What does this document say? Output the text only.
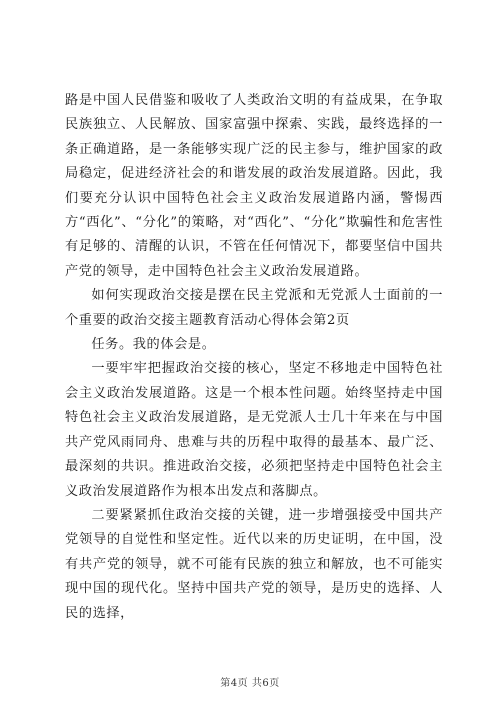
路是中国人民借鉴和吸收了人类政治文明的有益成果，在争取民族独立、人民解放、国家富强中探索、实践，最终选择的一条正确道路，是一条能够实现广泛的民主参与，维护国家的政局稳定，促进经济社会的和谐发展的政治发展道路。因此，我们要充分认识中国特色社会主义政治发展道路内涵，警惕西方“西化”、“分化”的策略，对“西化”、“分化”欺骗性和危害性有足够的、清醒的认识，不管在任何情况下，都要坚信中国共产党的领导，走中国特色社会主义政治发展道路。

如何实现政治交接是摆在民主党派和无党派人士面前的一个重要的政治交接主题教育活动心得体会第2页

任务。我的体会是。

一要牢牢把握政治交接的核心，坚定不移地走中国特色社会主义政治发展道路。这是一个根本性问题。始终坚持走中国特色社会主义政治发展道路，是无党派人士几十年来在与中国共产党风雨同舟、患难与共的历程中取得的最基本、最广泛、最深刻的共识。推进政治交接，必须把坚持走中国特色社会主义政治发展道路作为根本出发点和落脚点。

二要紧紧抓住政治交接的关键，进一步增强接受中国共产党领导的自觉性和坚定性。近代以来的历史证明，在中国，没有共产党的领导，就不可能有民族的独立和解放，也不可能实现中国的现代化。坚持中国共产党的领导，是历史的选择、人民的选择，

第4页 共6页
